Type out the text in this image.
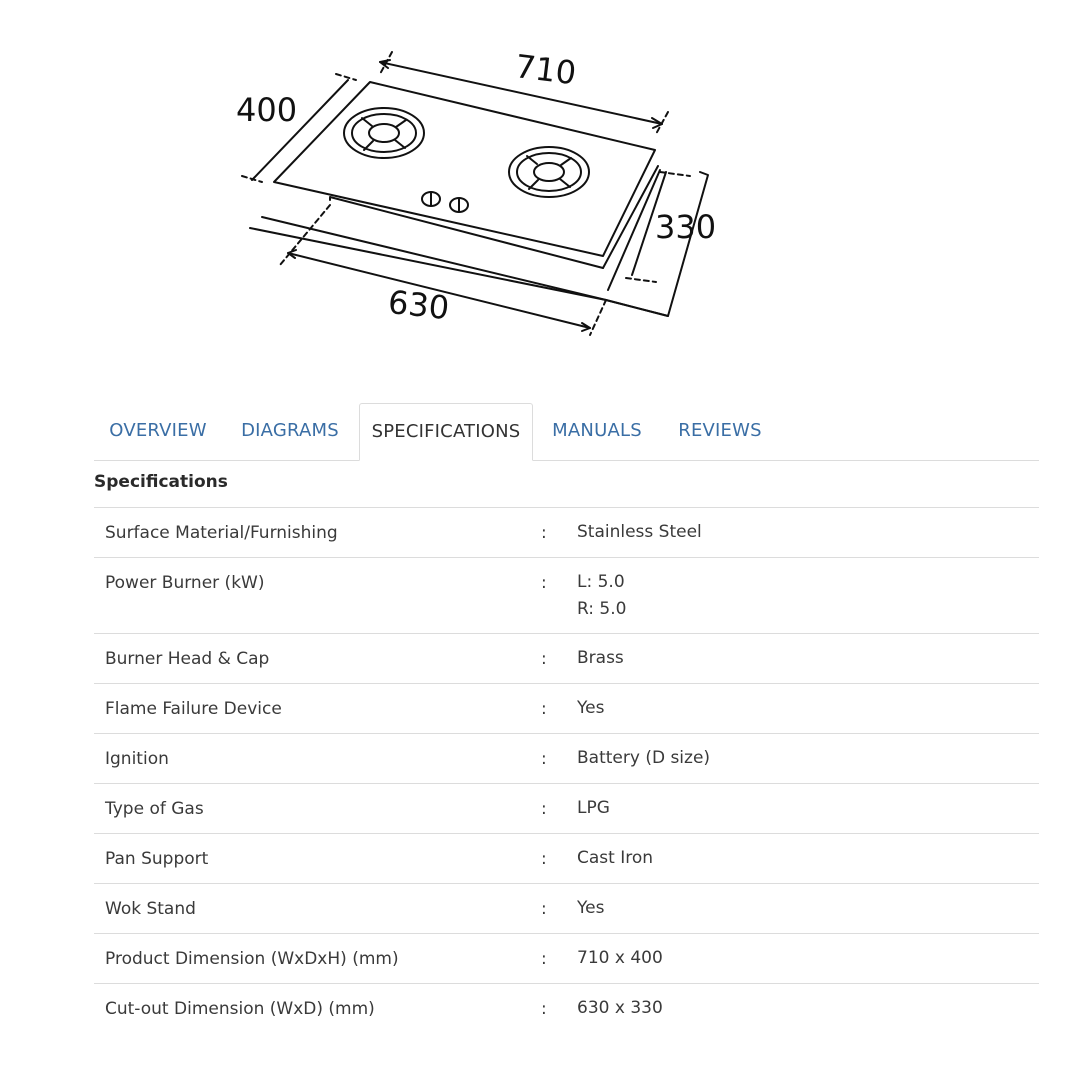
710
400
330
630
OVERVIEW	DIAGRAMS	SPECIFICATIONS	MANUALS	REVIEWS
Specifications
Surface Material/Furnishing	: Stainless Steel
Power Burner (kW)	: L: 5.0
R: 5.0
Burner Head & Cap	: Brass
Flame Failure Device	: Yes
Ignition	: Battery (D size)
Type of Gas	: LPG
Pan Support	: Cast Iron
Wok Stand	: Yes
Product Dimension (WxDxH) (mm)	: 710 x 400
Cut-out Dimension (WxD) (mm)	: 630 x 330
